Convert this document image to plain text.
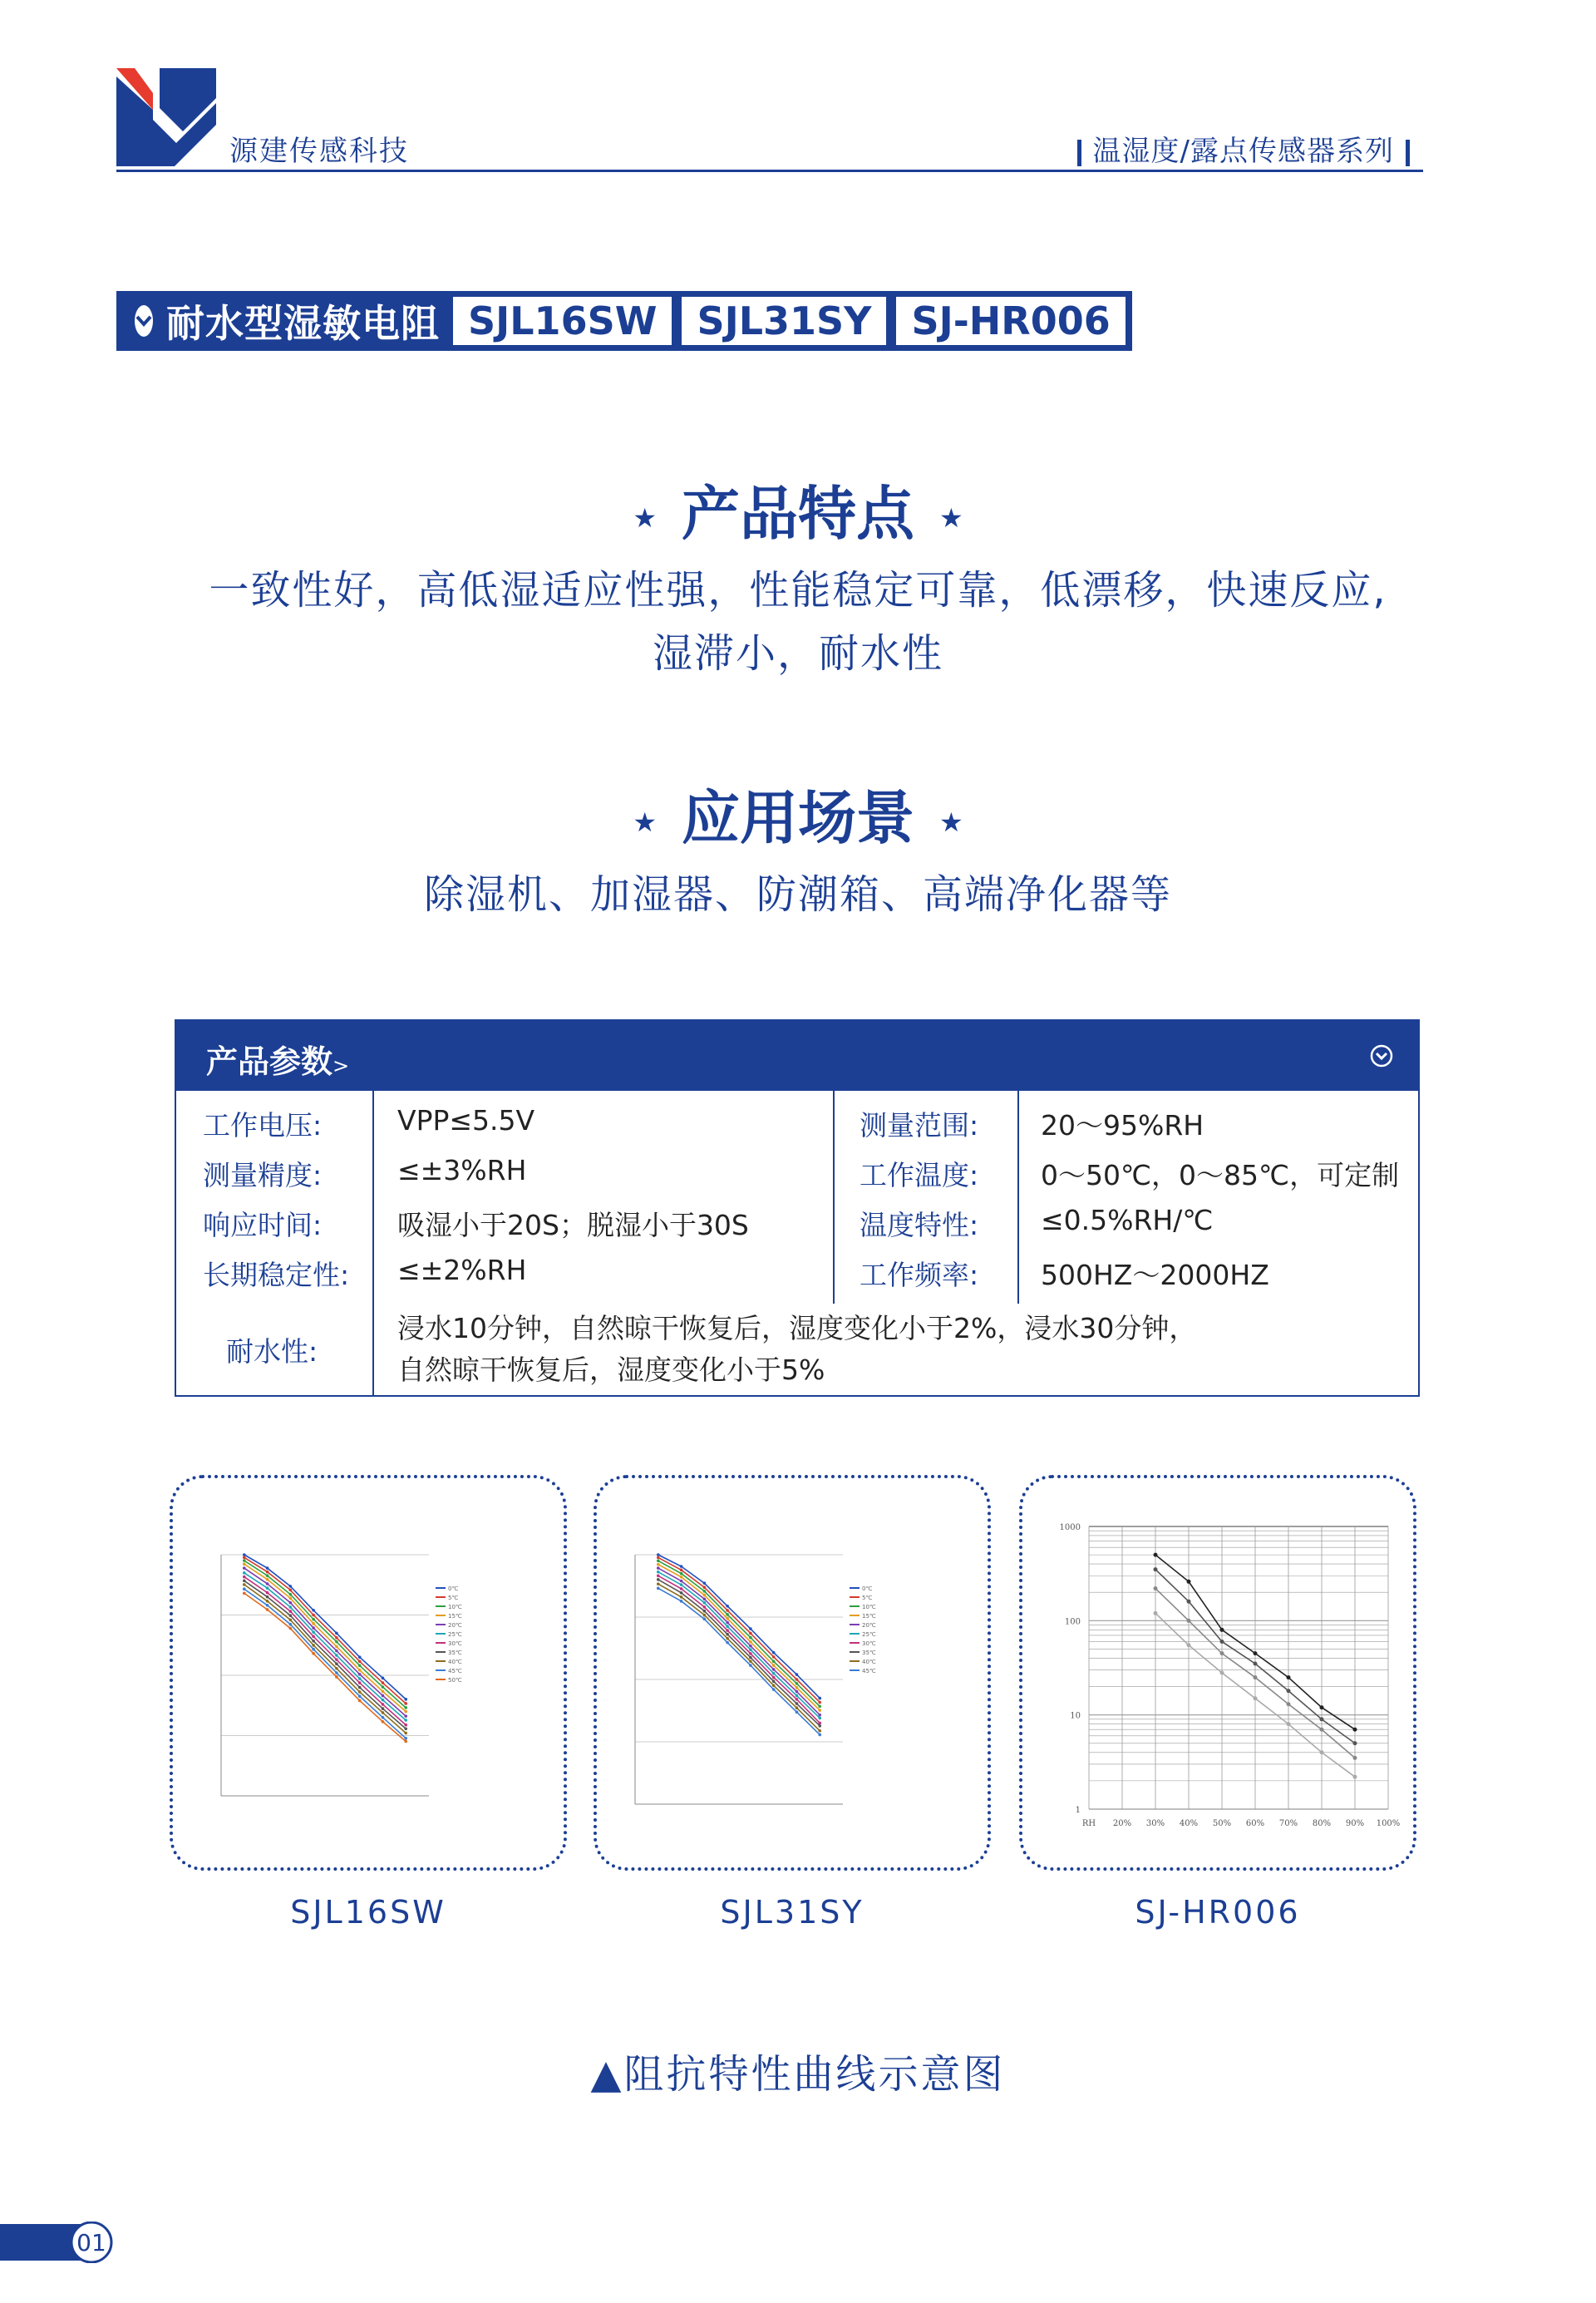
源建传感科技	温湿度/露点传感器系列
耐水型湿敏电阻 SJL16SW	SJL31SY	SJ-HR006
★ 产品特点 ★
一致性好，高低湿适应性强，性能稳定可靠，低漂移，快速反应,
湿滞小，耐水性
★ 应用场景 ★
除湿机、加湿器、防潮箱、高端净化器等
产品参数>
工作电压:	VPP≤5.5V	测量范围: 20～95%RH
测量精度:	≤±3%RH	工作温度: 0～50℃，0～85℃，可定制
响应时间:	吸湿小于20S；脱湿小于30S	温度特性: ≤0.5%RH/℃
长期稳定性: ≤±2%RH	工作频率: 500HZ～2000HZ
耐水性:
浸水10分钟，自然晾干恢复后，湿度变化小于2%，浸水30分钟，
自然晾干恢复后，湿度变化小于5%
0℃
5℃
10℃
15℃
20℃
25℃
30℃
35℃
40℃
45℃
50℃
0℃
5℃
10℃
15℃
20℃
25℃
30℃
35℃
40℃
45℃
RH 20% 30% 40% 50% 60% 70% 80% 90% 100%
1000
100
10
1
SJL16SW	SJL31SY	SJ-HR006
▲阻抗特性曲线示意图
01
